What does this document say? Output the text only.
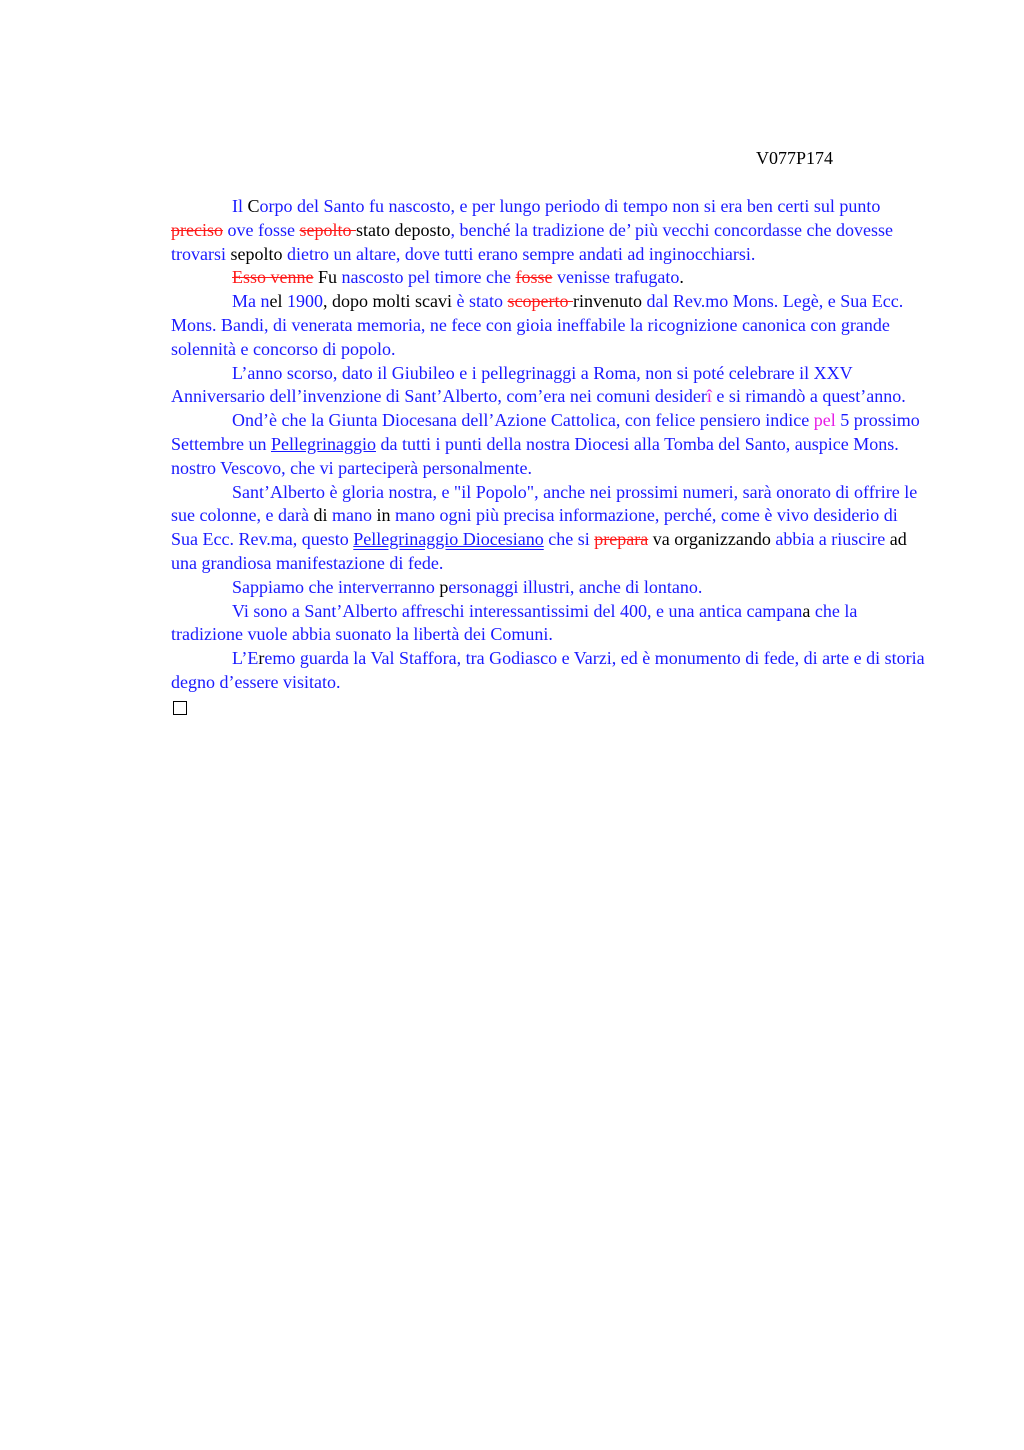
V077P174

Il Corpo del Santo fu nascosto, e per lungo periodo di tempo non si era ben certi sul punto preciso ove fosse sepolto stato deposto, benché la tradizione de’ più vecchi concordasse che dovesse trovarsi sepolto dietro un altare, dove tutti erano sempre andati ad inginocchiarsi.

Esso venne Fu nascosto pel timore che fosse venisse trafugato.

Ma nel 1900, dopo molti scavi è stato scoperto rinvenuto dal Rev.mo Mons. Legè, e Sua Ecc. Mons. Bandi, di venerata memoria, ne fece con gioia ineffabile la ricognizione canonica con grande solennità e concorso di popolo.

L’anno scorso, dato il Giubileo e i pellegrinaggi a Roma, non si poté celebrare il XXV Anniversario dell’invenzione di Sant’Alberto, com’era nei comuni desiderî e si rimandò a quest’anno.

Ond’è che la Giunta Diocesana dell’Azione Cattolica, con felice pensiero indice pel 5 prossimo Settembre un Pellegrinaggio da tutti i punti della nostra Diocesi alla Tomba del Santo, auspice Mons. nostro Vescovo, che vi parteciperà personalmente.

Sant’Alberto è gloria nostra, e "il Popolo", anche nei prossimi numeri, sarà onorato di offrire le sue colonne, e darà di mano in mano ogni più precisa informazione, perché, come è vivo desiderio di Sua Ecc. Rev.ma, questo Pellegrinaggio Diocesiano che si prepara va organizzando abbia a riuscire ad una grandiosa manifestazione di fede.

Sappiamo che interverranno personaggi illustri, anche di lontano.

Vi sono a Sant’Alberto affreschi interessantissimi del 400, e una antica campana che la tradizione vuole abbia suonato la libertà dei Comuni.

L’Eremo guarda la Val Staffora, tra Godiasco e Varzi, ed è monumento di fede, di arte e di storia degno d’essere visitato.
